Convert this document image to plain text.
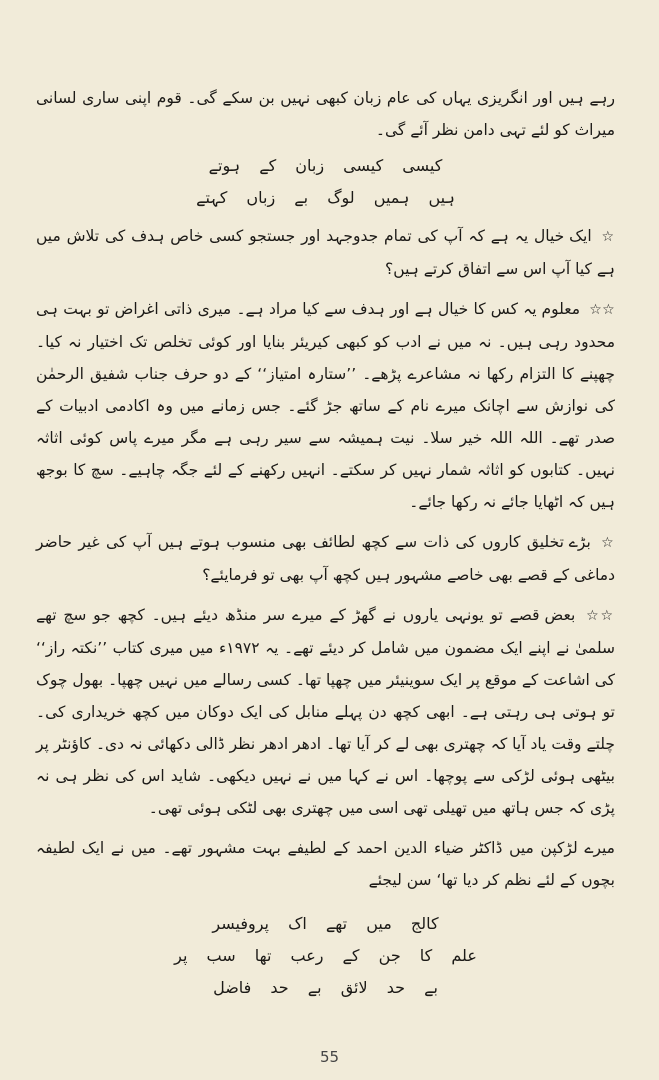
رہے ہیں اور انگریزی یہاں کی عام زبان کبھی نہیں بن سکے گی۔ قوم اپنی ساری لسانی میراث کو لئے تہی دامن نظر آئے گی۔

کیسی کیسی زبان کے ہوتے

ہیں ہمیں لوگ بے زباں کہتے

☆ ایک خیال یہ ہے کہ آپ کی تمام جدوجہد اور جستجو کسی خاص ہدف کی تلاش میں ہے کیا آپ اس سے اتفاق کرتے ہیں؟

☆☆ معلوم یہ کس کا خیال ہے اور ہدف سے کیا مراد ہے۔ میری ذاتی اغراض تو بہت ہی محدود رہی ہیں۔ نہ میں نے ادب کو کبھی کیریئر بنایا اور کوئی تخلص تک اختیار نہ کیا۔ چھپنے کا التزام رکھا نہ مشاعرے پڑھے۔ ’’ستارہ امتیاز‘‘ کے دو حرف جناب شفیق الرحمٰن کی نوازش سے اچانک میرے نام کے ساتھ جڑ گئے۔ جس زمانے میں وہ اکادمی ادبیات کے صدر تھے۔ اللہ اللہ خیر سلا۔ نیت ہمیشہ سے سیر رہی ہے مگر میرے پاس کوئی اثاثہ نہیں۔ کتابوں کو اثاثہ شمار نہیں کر سکتے۔ انہیں رکھنے کے لئے جگہ چاہیے۔ سچ کا بوجھ ہیں کہ اٹھایا جائے نہ رکھا جائے۔

☆ بڑے تخلیق کاروں کی ذات سے کچھ لطائف بھی منسوب ہوتے ہیں آپ کی غیر حاضر دماغی کے قصے بھی خاصے مشہور ہیں کچھ آپ بھی تو فرمایئے؟

☆☆ بعض قصے تو یونہی یاروں نے گھڑ کے میرے سر منڈھ دیئے ہیں۔ کچھ جو سچ تھے سلمیٰ نے اپنے ایک مضمون میں شامل کر دیئے تھے۔ یہ ۱۹۷۲ء میں میری کتاب ’’نکتہ راز‘‘ کی اشاعت کے موقع پر ایک سوینیئر میں چھپا تھا۔ کسی رسالے میں نہیں چھپا۔ بھول چوک تو ہوتی ہی رہتی ہے۔ ابھی کچھ دن پہلے منابل کی ایک دوکان میں کچھ خریداری کی۔ چلتے وقت یاد آیا کہ چھتری بھی لے کر آیا تھا۔ ادھر ادھر نظر ڈالی دکھائی نہ دی۔ کاؤنٹر پر بیٹھی ہوئی لڑکی سے پوچھا۔ اس نے کہا میں نے نہیں دیکھی۔ شاید اس کی نظر ہی نہ پڑی کہ جس ہاتھ میں تھیلی تھی اسی میں چھتری بھی لٹکی ہوئی تھی۔

میرے لڑکپن میں ڈاکٹر ضیاء الدین احمد کے لطیفے بہت مشہور تھے۔ میں نے ایک لطیفہ بچوں کے لئے نظم کر دیا تھا‘ سن لیجئے

کالج میں تھے اک پروفیسر

علم کا جن کے رعب تھا سب پر

بے حد لائق بے حد فاضل

55
